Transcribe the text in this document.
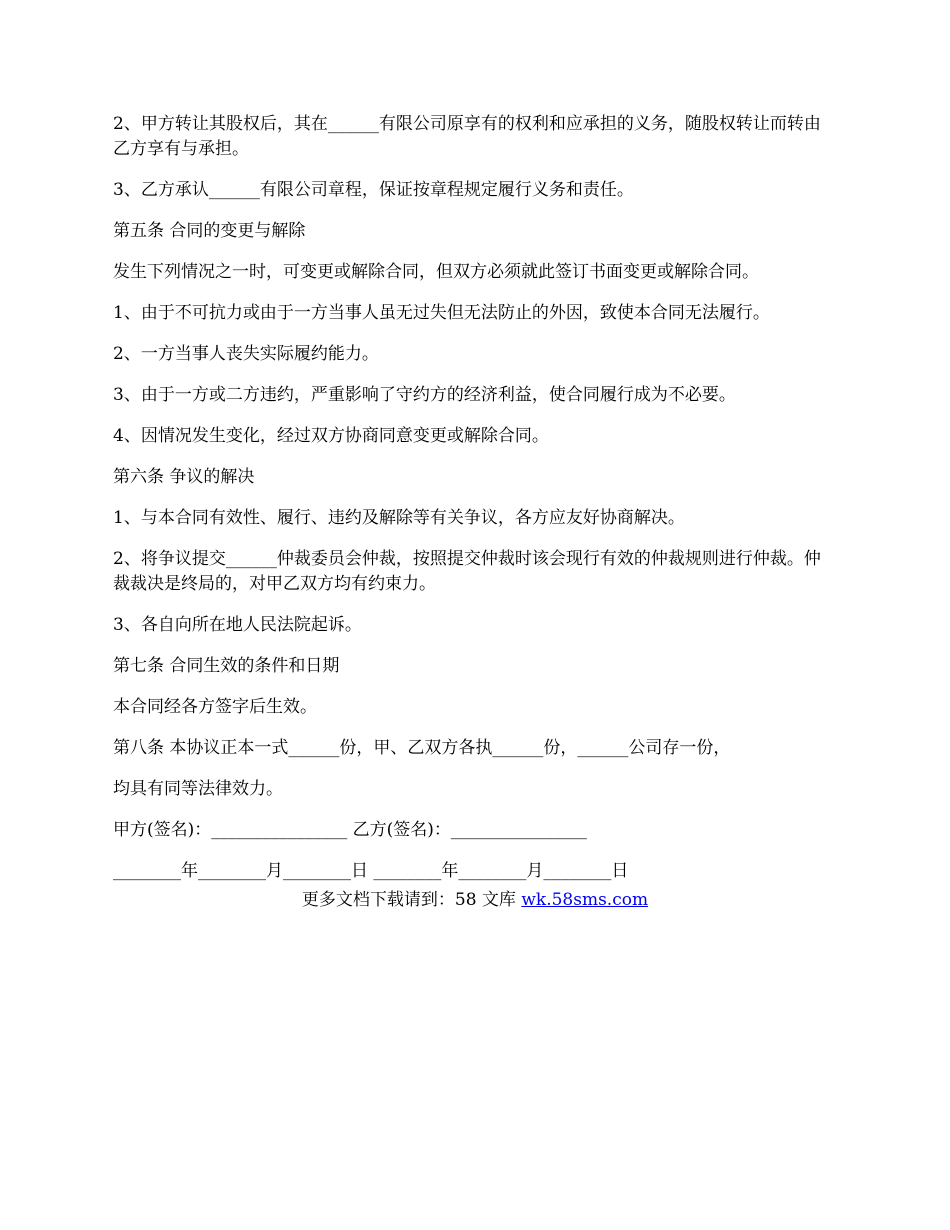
2、甲方转让其股权后，其在______有限公司原享有的权利和应承担的义务，随股权转让而转由乙方享有与承担。

3、乙方承认______有限公司章程，保证按章程规定履行义务和责任。

第五条 合同的变更与解除

发生下列情况之一时，可变更或解除合同，但双方必须就此签订书面变更或解除合同。

1、由于不可抗力或由于一方当事人虽无过失但无法防止的外因，致使本合同无法履行。

2、一方当事人丧失实际履约能力。

3、由于一方或二方违约，严重影响了守约方的经济利益，使合同履行成为不必要。

4、因情况发生变化，经过双方协商同意变更或解除合同。

第六条 争议的解决

1、与本合同有效性、履行、违约及解除等有关争议，各方应友好协商解决。

2、将争议提交______仲裁委员会仲裁，按照提交仲裁时该会现行有效的仲裁规则进行仲裁。仲裁裁决是终局的，对甲乙双方均有约束力。

3、各自向所在地人民法院起诉。

第七条 合同生效的条件和日期

本合同经各方签字后生效。

第八条 本协议正本一式______份，甲、乙双方各执______份，______公司存一份，

均具有同等法律效力。

甲方(签名)：________________ 乙方(签名)：________________

________年________月________日 ________年________月________日

更多文档下载请到：58 文库 wk.58sms.com
